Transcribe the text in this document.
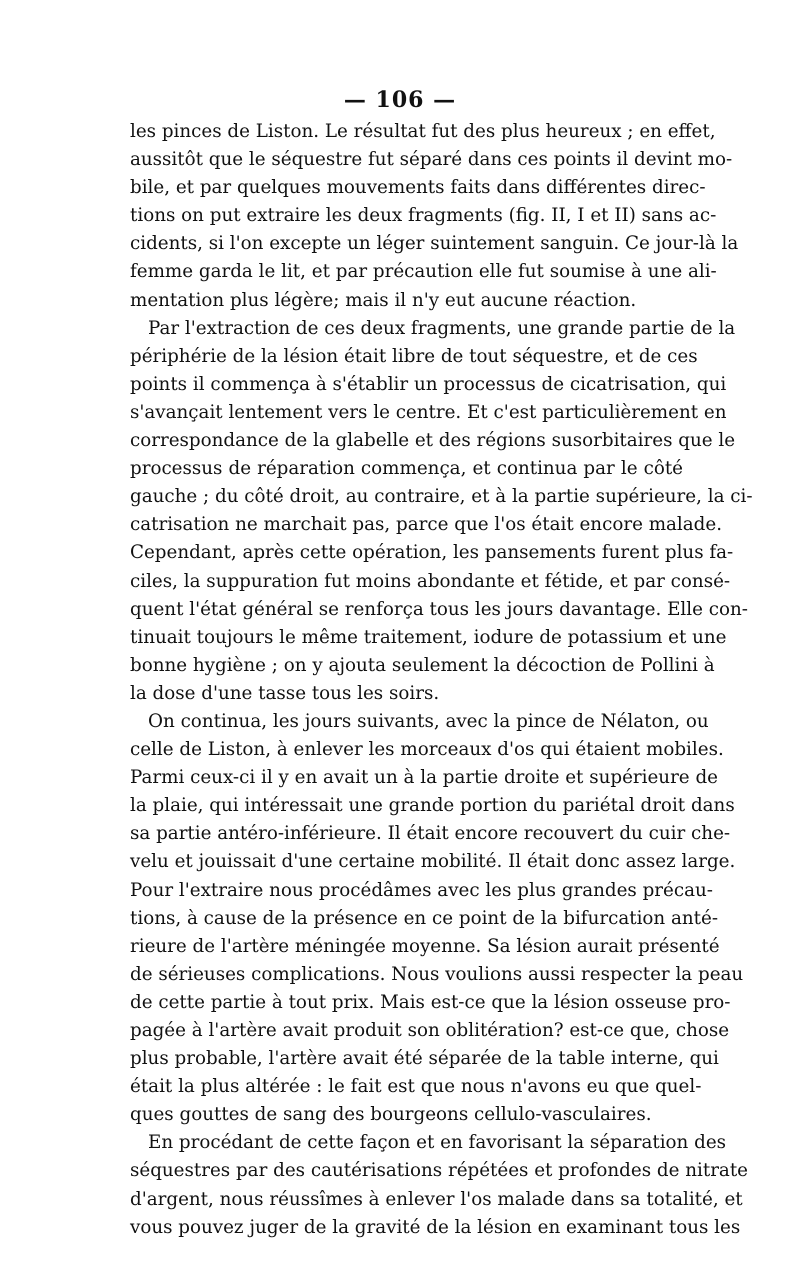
— 106 —
les pinces de Liston. Le résultat fut des plus heureux ; en effet,
aussitôt que le séquestre fut séparé dans ces points il devint mo-
bile, et par quelques mouvements faits dans différentes direc-
tions on put extraire les deux fragments (fig. II, I et II) sans ac-
cidents, si l'on excepte un léger suintement sanguin. Ce jour-là la
femme garda le lit, et par précaution elle fut soumise à une ali-
mentation plus légère; mais il n'y eut aucune réaction.
Par l'extraction de ces deux fragments, une grande partie de la
périphérie de la lésion était libre de tout séquestre, et de ces
points il commença à s'établir un processus de cicatrisation, qui
s'avançait lentement vers le centre. Et c'est particulièrement en
correspondance de la glabelle et des régions susorbitaires que le
processus de réparation commença, et continua par le côté
gauche ; du côté droit, au contraire, et à la partie supérieure, la ci-
catrisation ne marchait pas, parce que l'os était encore malade.
Cependant, après cette opération, les pansements furent plus fa-
ciles, la suppuration fut moins abondante et fétide, et par consé-
quent l'état général se renforça tous les jours davantage. Elle con-
tinuait toujours le même traitement, iodure de potassium et une
bonne hygiène ; on y ajouta seulement la décoction de Pollini à
la dose d'une tasse tous les soirs.
On continua, les jours suivants, avec la pince de Nélaton, ou
celle de Liston, à enlever les morceaux d'os qui étaient mobiles.
Parmi ceux-ci il y en avait un à la partie droite et supérieure de
la plaie, qui intéressait une grande portion du pariétal droit dans
sa partie antéro-inférieure. Il était encore recouvert du cuir che-
velu et jouissait d'une certaine mobilité. Il était donc assez large.
Pour l'extraire nous procédâmes avec les plus grandes précau-
tions, à cause de la présence en ce point de la bifurcation anté-
rieure de l'artère méningée moyenne. Sa lésion aurait présenté
de sérieuses complications. Nous voulions aussi respecter la peau
de cette partie à tout prix. Mais est-ce que la lésion osseuse pro-
pagée à l'artère avait produit son oblitération? est-ce que, chose
plus probable, l'artère avait été séparée de la table interne, qui
était la plus altérée : le fait est que nous n'avons eu que quel-
ques gouttes de sang des bourgeons cellulo-vasculaires.
En procédant de cette façon et en favorisant la séparation des
séquestres par des cautérisations répétées et profondes de nitrate
d'argent, nous réussîmes à enlever l'os malade dans sa totalité, et
vous pouvez juger de la gravité de la lésion en examinant tous les
